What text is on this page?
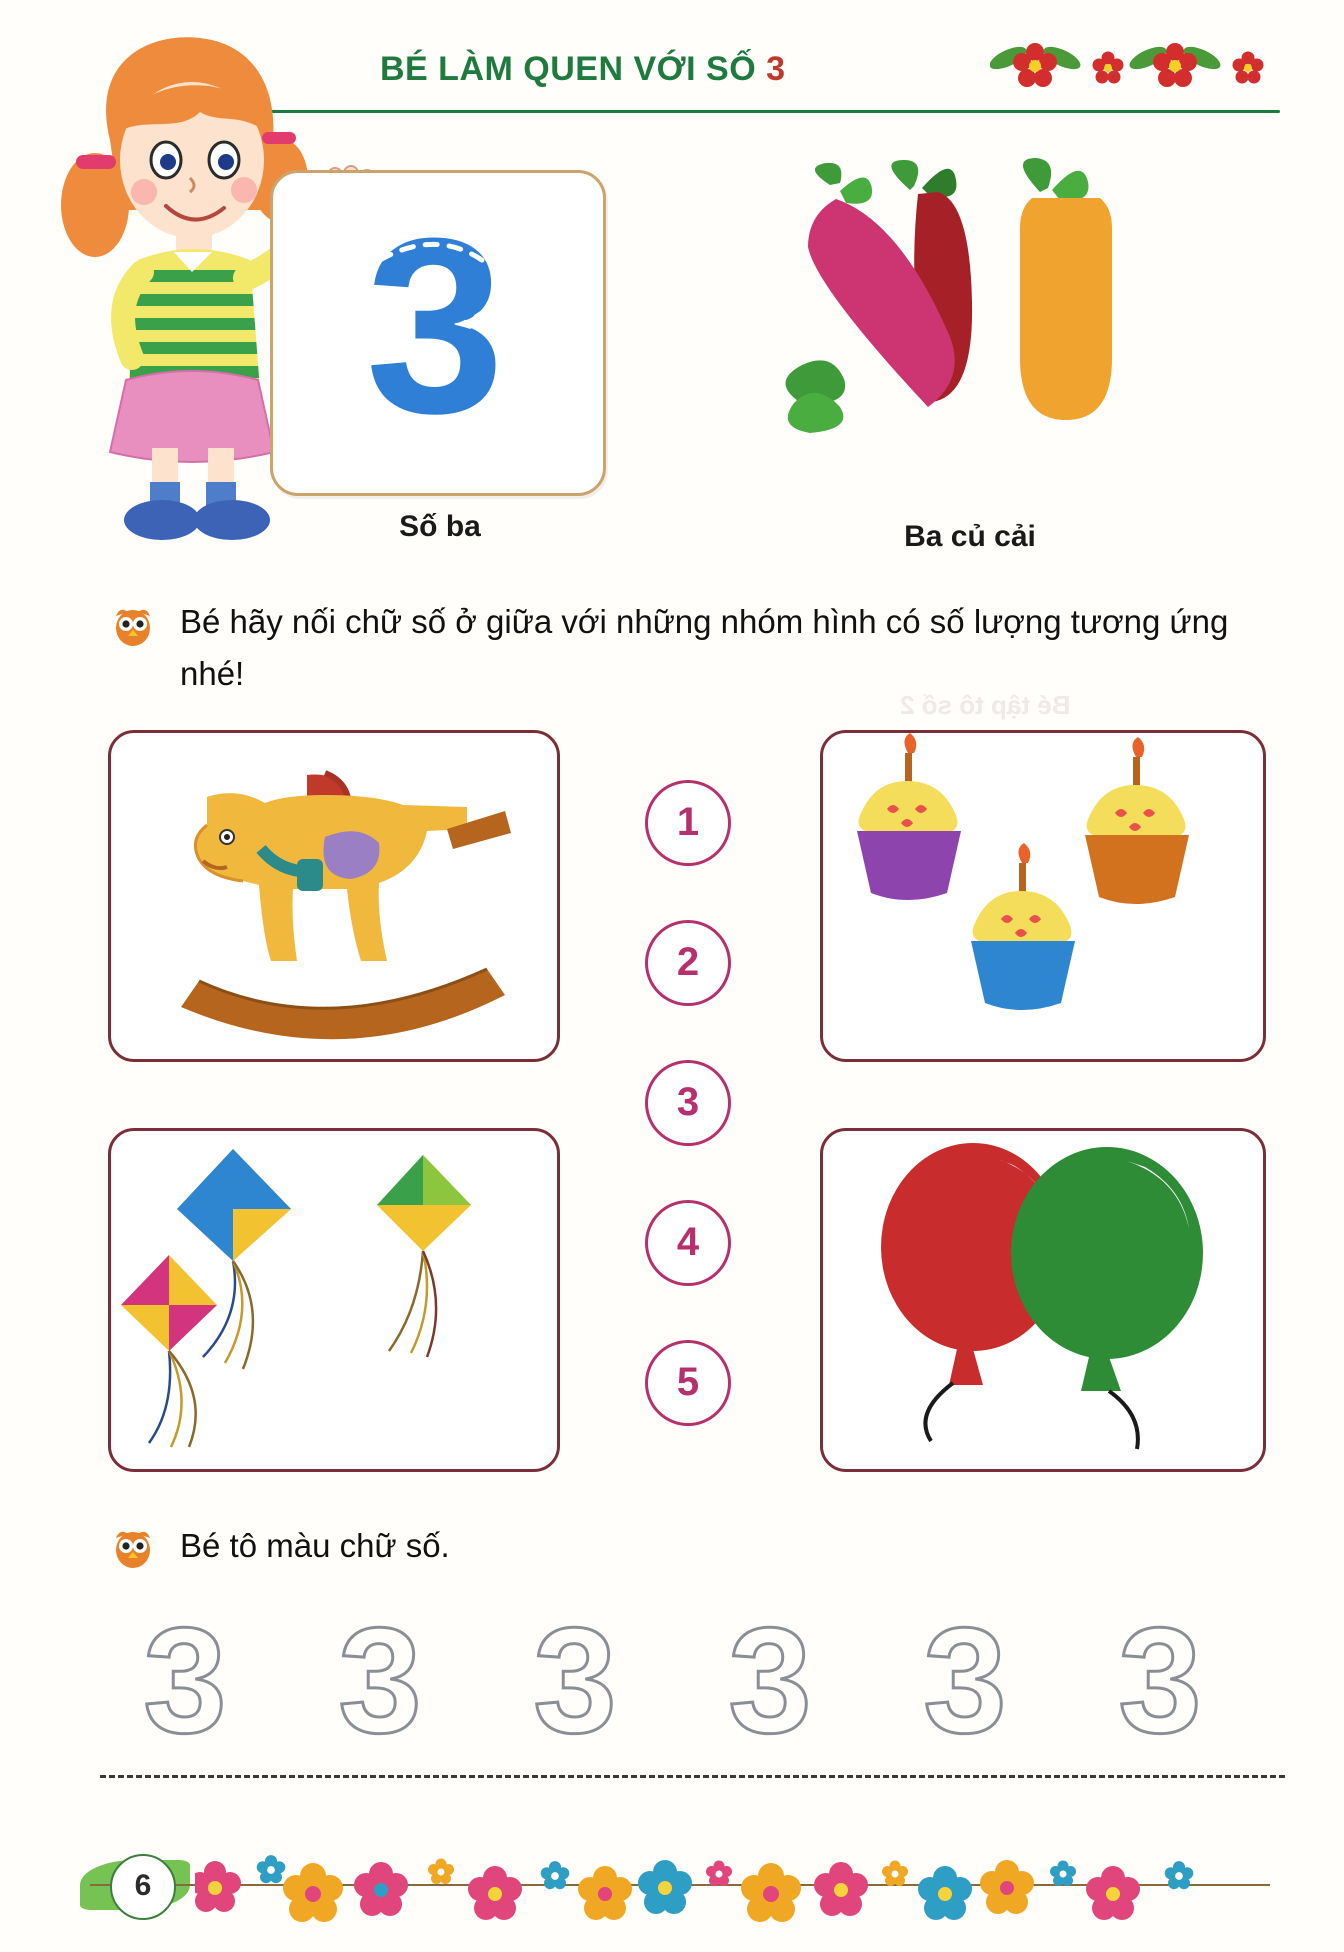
Bé tập tô số 2
BÉ LÀM QUEN VỚI SỐ 3
3
Số ba	Ba củ cải
Bé hãy nối chữ số ở giữa với những nhóm hình có số lượng tương ứng nhé!
1
2
3
4
5
Bé tô màu chữ số.
3 3 3 3 3 3
6
